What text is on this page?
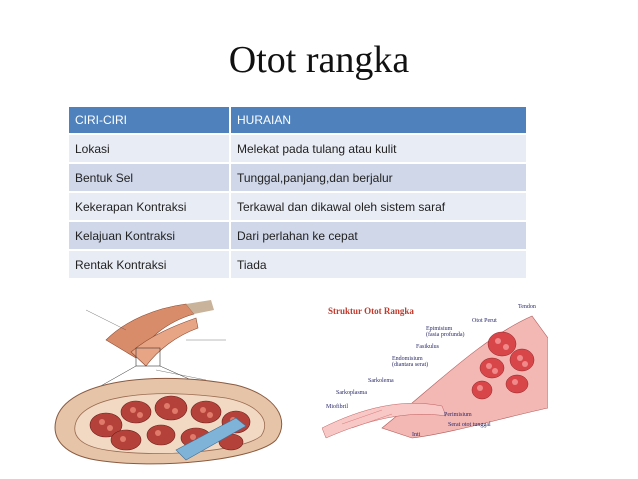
Otot rangka
CIRI-CIRI	HURAIAN
Lokasi	Melekat pada tulang atau kulit
Bentuk Sel	Tunggal,panjang,dan berjalur
Kekerapan Kontraksi	Terkawal dan dikawal oleh sistem saraf
Kelajuan Kontraksi	Dari perlahan ke cepat
Rentak Kontraksi	Tiada
Struktur Otot Rangka	Tendon
Otot Perut
Epimisium
(fasia profunda)
Fasikulus
Endomisium
(diantara serat)
Sarkolema
Sarkoplasma
Miofibril
Perimisium
Serat otot tunggal
Inti
